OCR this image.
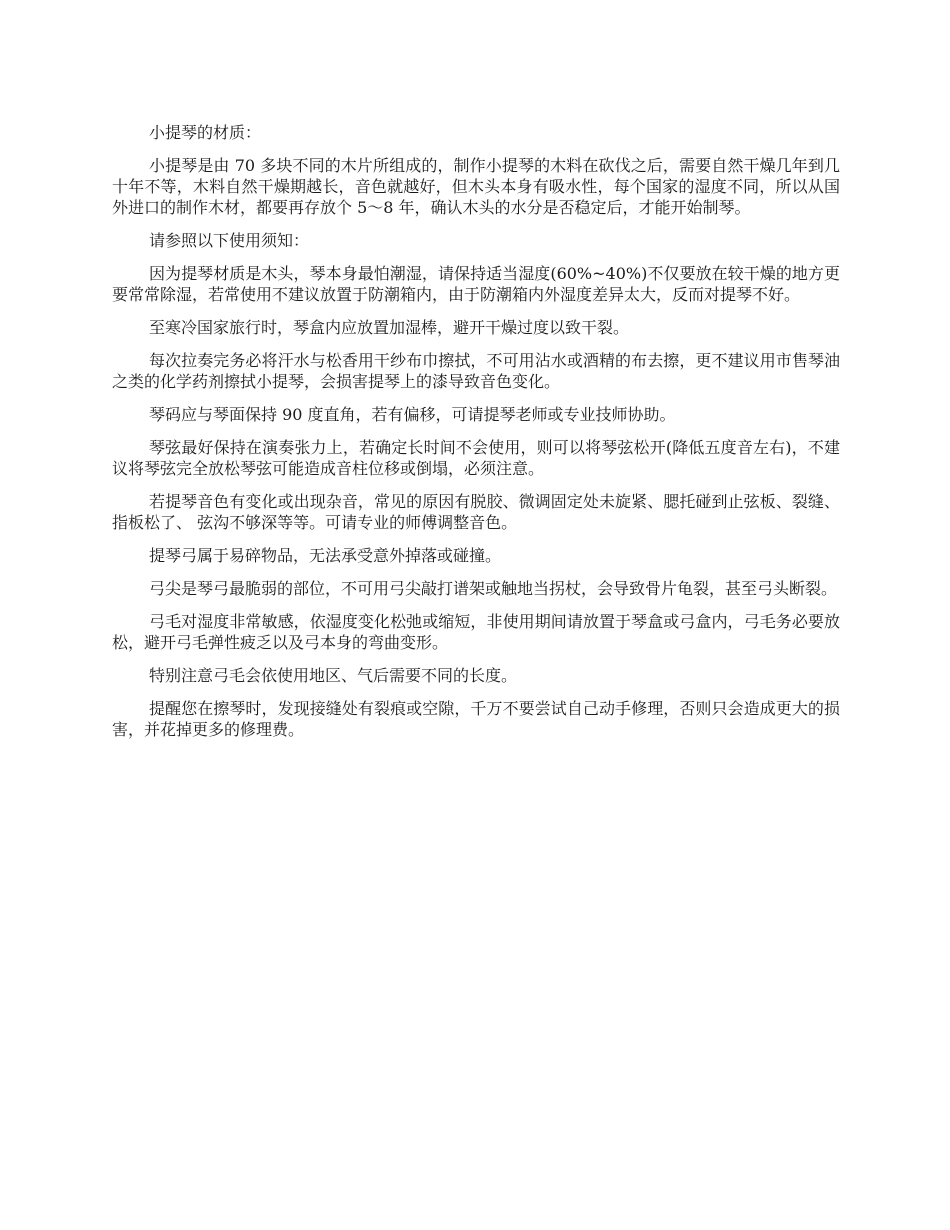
小提琴的材质：

小提琴是由 70 多块不同的木片所组成的，制作小提琴的木料在砍伐之后，需要自然干燥几年到几十年不等，木料自然干燥期越长，音色就越好，但木头本身有吸水性，每个国家的湿度不同，所以从国外进口的制作木材，都要再存放个 5～8 年，确认木头的水分是否稳定后，才能开始制琴。

请参照以下使用须知：

因为提琴材质是木头，琴本身最怕潮湿，请保持适当湿度(60%~40%)不仅要放在较干燥的地方更要常常除湿，若常使用不建议放置于防潮箱内，由于防潮箱内外湿度差异太大，反而对提琴不好。

至寒冷国家旅行时，琴盒内应放置加湿棒，避开干燥过度以致干裂。

每次拉奏完务必将汗水与松香用干纱布巾擦拭，不可用沾水或酒精的布去擦，更不建议用市售琴油之类的化学药剂擦拭小提琴，会损害提琴上的漆导致音色变化。

琴码应与琴面保持 90 度直角，若有偏移，可请提琴老师或专业技师协助。

琴弦最好保持在演奏张力上，若确定长时间不会使用，则可以将琴弦松开(降低五度音左右)，不建议将琴弦完全放松琴弦可能造成音柱位移或倒塌，必须注意。

若提琴音色有变化或出现杂音，常见的原因有脱胶、微调固定处未旋紧、腮托碰到止弦板、裂缝、指板松了、 弦沟不够深等等。可请专业的师傅调整音色。

提琴弓属于易碎物品，无法承受意外掉落或碰撞。

弓尖是琴弓最脆弱的部位，不可用弓尖敲打谱架或触地当拐杖，会导致骨片龟裂，甚至弓头断裂。

弓毛对湿度非常敏感，依湿度变化松弛或缩短，非使用期间请放置于琴盒或弓盒内，弓毛务必要放松，避开弓毛弹性疲乏以及弓本身的弯曲变形。

特别注意弓毛会依使用地区、气后需要不同的长度。

提醒您在擦琴时，发现接缝处有裂痕或空隙，千万不要尝试自己动手修理，否则只会造成更大的损害，并花掉更多的修理费。
